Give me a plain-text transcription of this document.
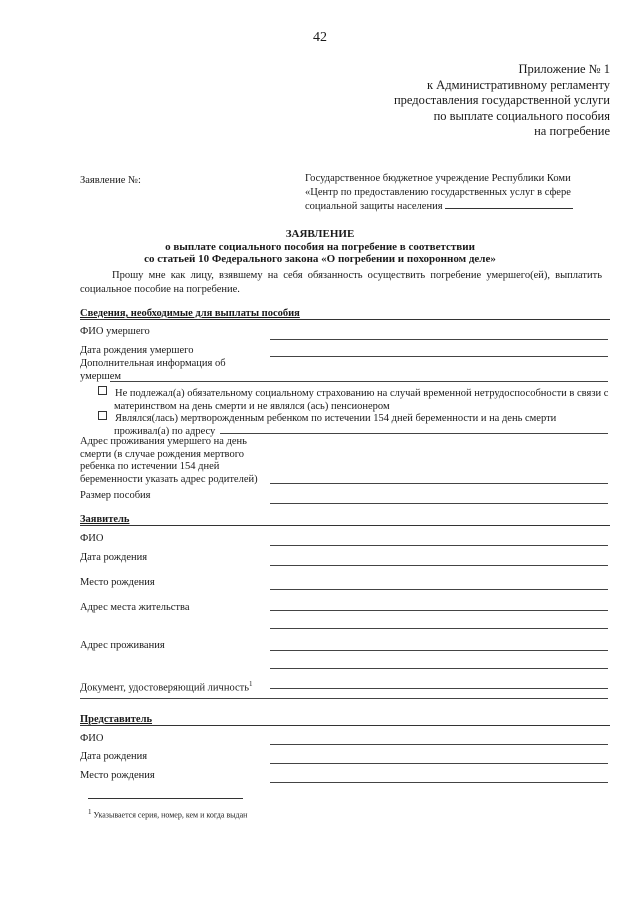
42
Приложение № 1
к Административному регламенту
предоставления государственной услуги
по выплате социального пособия
на погребение
Заявление №:	Государственное бюджетное учреждение Республики Коми
«Центр по предоставлению государственных услуг в сфере
социальной защиты населения
ЗАЯВЛЕНИЕ
о выплате социального пособия на погребение в соответствии
со статьей 10 Федерального закона «О погребении и похоронном деле»
Прошу мне как лицу, взявшему на себя обязанность осуществить погребение умершего(ей), выплатить социальное пособие на погребение.
Сведения, необходимые для выплаты пособия
ФИО умершего
Дата рождения умершего
Дополнительная информация об умершем
Не подлежал(а) обязательному социальному страхованию на случай временной нетрудоспособности в связи с материнством на день смерти и не являлся (ась) пенсионером
Являлся(лась) мертворожденным ребенком по истечении 154 дней беременности и на день смерти проживал(а) по адресу
Адрес проживания умершего на день смерти (в случае рождения мертвого ребенка по истечении 154 дней беременности указать адрес родителей)
Размер пособия
Заявитель
ФИО
Дата рождения
Место рождения
Адрес места жительства
Адрес проживания
Документ, удостоверяющий личность$^1$
Представитель
ФИО
Дата рождения
Место рождения
$^1$ Указывается серия, номер, кем и когда выдан
